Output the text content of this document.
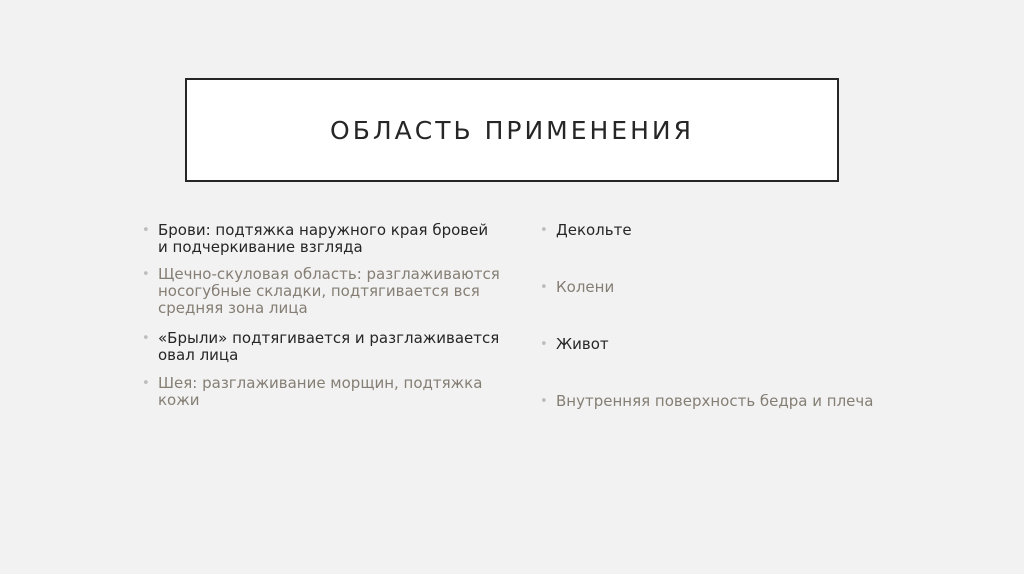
ОБЛАСТЬ ПРИМЕНЕНИЯ
• Брови: подтяжка наружного края бровей и подчеркивание взгляда
• Щечно-скуловая область: разглаживаются носогубные складки, подтягивается вся средняя зона лица
• «Брыли» подтягивается и разглаживается овал лица
• Шея: разглаживание морщин, подтяжка кожи
• Декольте
• Колени
• Живот
• Внутренняя поверхность бедра и плеча
